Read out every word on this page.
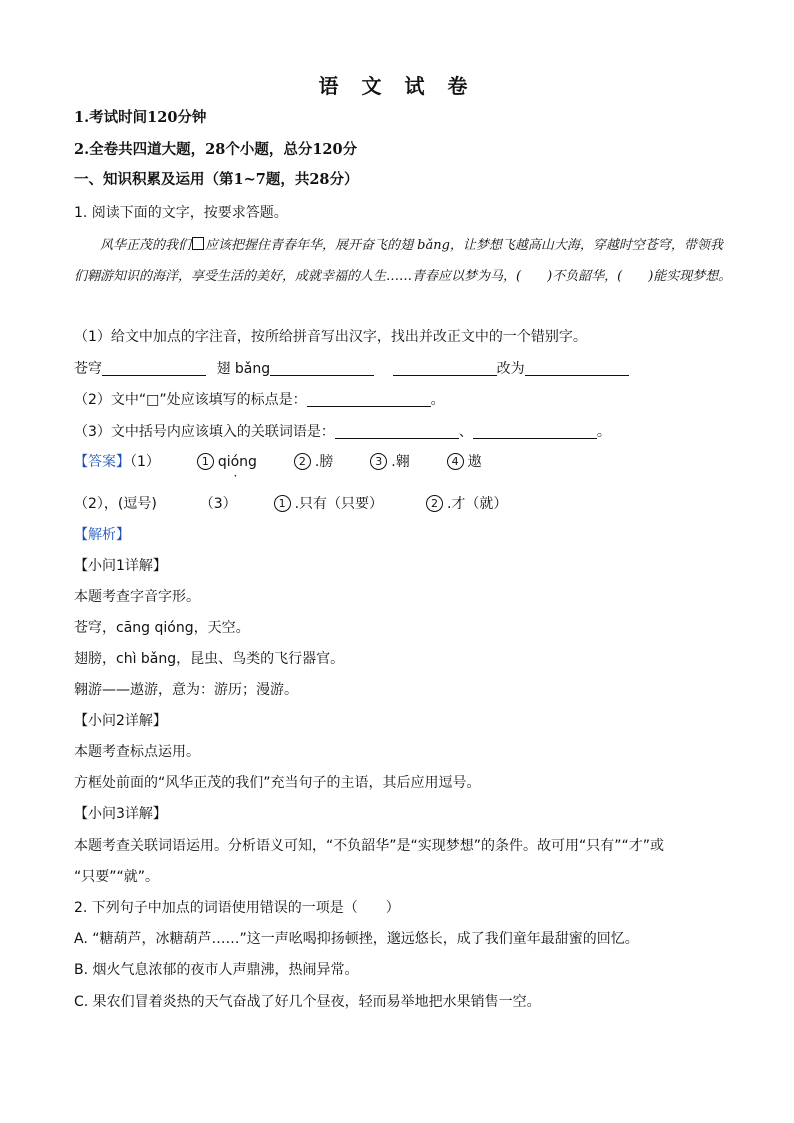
语 文 试 卷
1.考试时间120分钟
2.全卷共四道大题，28个小题，总分120分
一、知识积累及运用（第1~7题，共28分）
1. 阅读下面的文字，按要求答题。
风华正茂的我们 应该把握住青春年华，展开奋飞的翅 bǎng，让梦想飞越高山大海，穿越时空苍穹，带领我们翱游知识的海洋，享受生活的美好，成就幸福的人生……青春应以梦为马，(　　)不负韶华，(　　)能实现梦想。
（1）给文中加点的字注音，按所给拼音写出汉字，找出并改正文中的一个错别字。
苍穹	翅 bǎng	改为
（2）文中“□”处应该填写的标点是：	。
（3）文中括号内应该填入的关联词语是：	、	。
【答案】（1）	1 qióng ·	2 .膀	3 .翱	4 遨
（2），(逗号)	（3）	1 .只有（只要）	2 .才（就）
【解析】
【小问1详解】
本题考查字音字形。
苍穹，cāng qióng，天空。
翅膀，chì bǎng，昆虫、鸟类的飞行器官。
翱游——遨游，意为：游历；漫游。
【小问2详解】
本题考查标点运用。
方框处前面的“风华正茂的我们”充当句子的主语，其后应用逗号。
【小问3详解】
本题考查关联词语运用。分析语义可知，“不负韶华”是“实现梦想”的条件。故可用“只有”“才”或
“只要”“就”。
2. 下列句子中加点的词语使用错误的一项是（　　）
A. “糖葫芦，冰糖葫芦……”这一声吆喝抑扬顿挫，邈远悠长，成了我们童年最甜蜜的回忆。
B. 烟火气息浓郁的夜市人声鼎沸，热闹异常。
C. 果农们冒着炎热的天气奋战了好几个昼夜，轻而易举地把水果销售一空。
